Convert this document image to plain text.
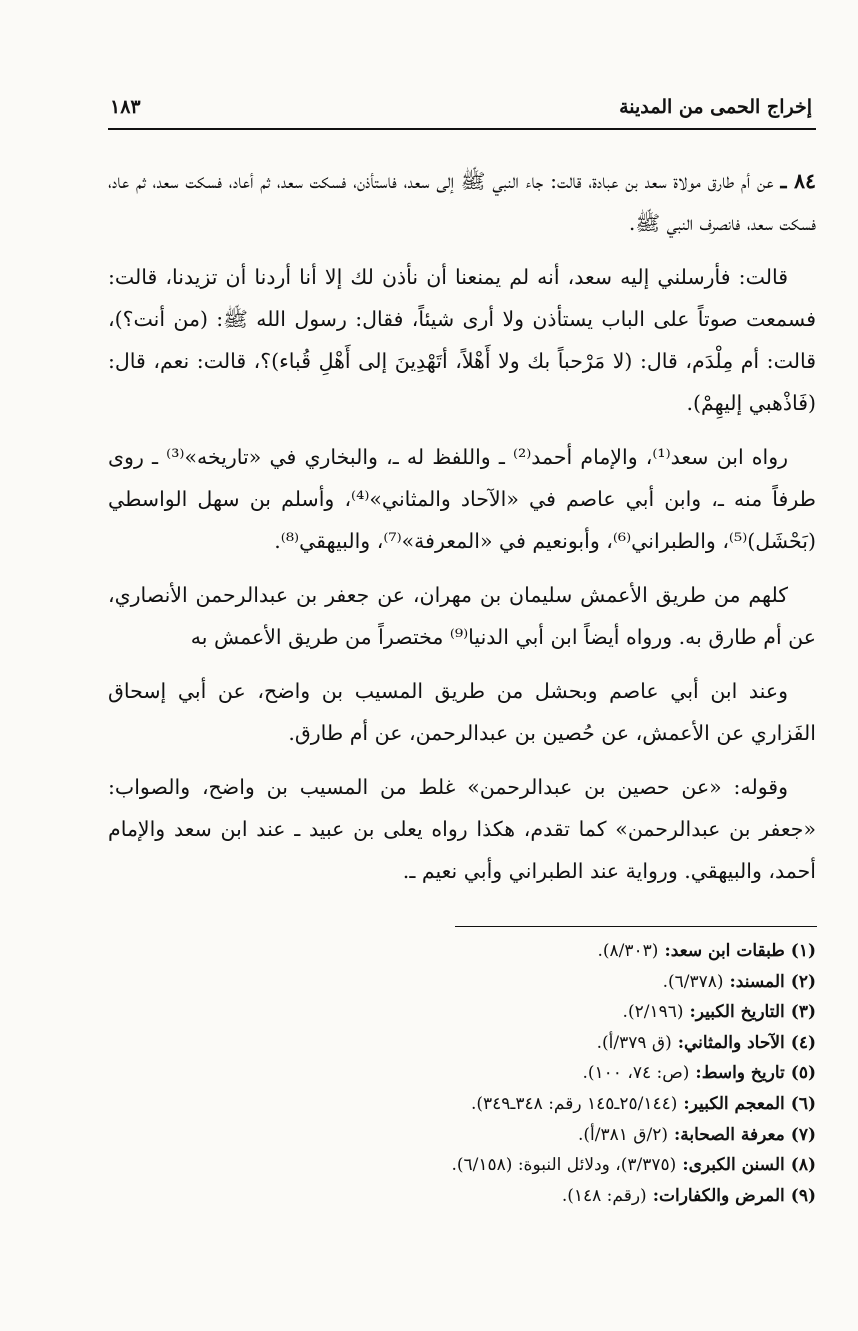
إخراج الحمى من المدينة
١٨٣

٨٤ ـ عن أم طارق مولاة سعد بن عبادة، قالت: جاء النبي ﷺ إلى سعد، فاستأذن، فسكت سعد، ثم أعاد، فسكت سعد، ثم عاد، فسكت سعد، فانصرف النبي ﷺ.

قالت: فأرسلني إليه سعد، أنه لم يمنعنا أن نأذن لك إلا أنا أردنا أن تزيدنا، قالت: فسمعت صوتاً على الباب يستأذن ولا أرى شيئاً، فقال: رسول الله ﷺ: (من أنت؟)، قالت: أم مِلْدَم، قال: (لا مَرْحباً بك ولا أَهْلاً، أتَهْدِينَ إلى أَهْلِ قُباء)؟، قالت: نعم، قال: (فَاذْهبي إليهِمْ).

رواه ابن سعد⁽¹⁾، والإمام أحمد⁽²⁾ ـ واللفظ له ـ، والبخاري في «تاريخه»⁽³⁾ ـ روى طرفاً منه ـ، وابن أبي عاصم في «الآحاد والمثاني»⁽⁴⁾، وأسلم بن سهل الواسطي (بَحْشَل)⁽⁵⁾، والطبراني⁽⁶⁾، وأبونعيم في «المعرفة»⁽⁷⁾، والبيهقي⁽⁸⁾.

كلهم من طريق الأعمش سليمان بن مهران، عن جعفر بن عبدالرحمن الأنصاري، عن أم طارق به. ورواه أيضاً ابن أبي الدنيا⁽⁹⁾ مختصراً من طريق الأعمش به

وعند ابن أبي عاصم وبحشل من طريق المسيب بن واضح، عن أبي إسحاق الفَزاري عن الأعمش، عن حُصين بن عبدالرحمن، عن أم طارق.

وقوله: «عن حصين بن عبدالرحمن» غلط من المسيب بن واضح، والصواب: «جعفر بن عبدالرحمن» كما تقدم، هكذا رواه يعلى بن عبيد ـ عند ابن سعد والإمام أحمد، والبيهقي. ورواية عند الطبراني وأبي نعيم ـ.

(١)طبقات ابن سعد:(٨/٣٠٣).
(٢)المسند:(٦/٣٧٨).
(٣)التاريخ الكبير:(٢/١٩٦).
(٤)الآحاد والمثاني:(ق ٣٧٩/أ).
(٥)تاريخ واسط:(ص: ٧٤، ١٠٠).
(٦)المعجم الكبير:(٢٥/١٤٤ـ١٤٥ رقم: ٣٤٨ـ٣٤٩).
(٧)معرفة الصحابة:(٢/ق ٣٨١/أ).
(٨)السنن الكبرى:(٣/٣٧٥)، ودلائل النبوة: (٦/١٥٨).
(٩)المرض والكفارات:(رقم: ١٤٨).
